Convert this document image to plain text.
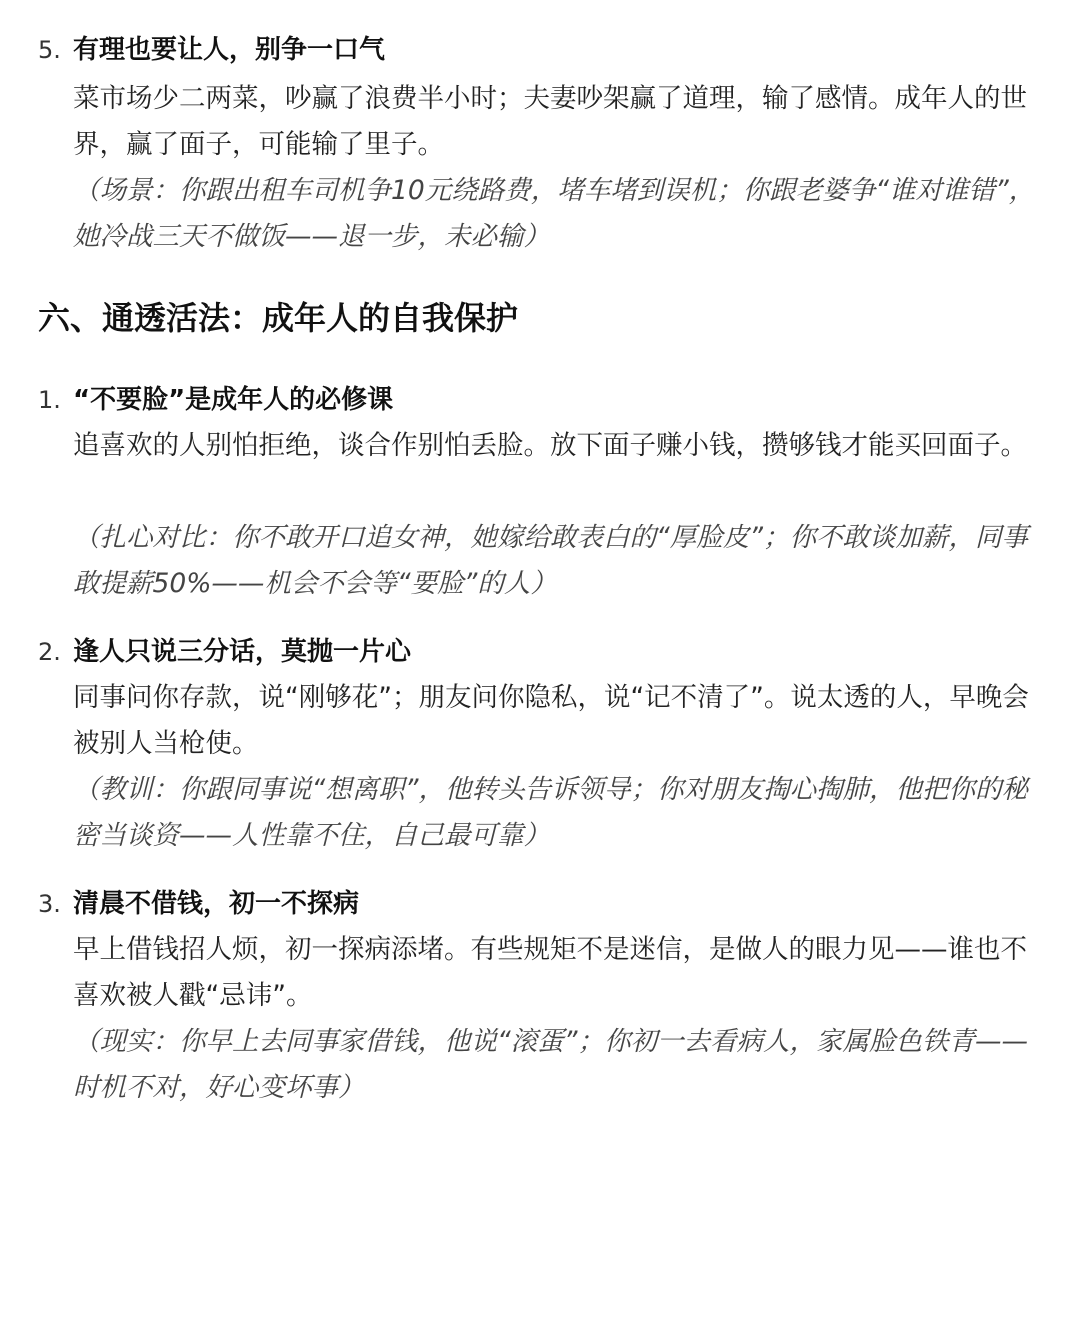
5. 有理也要让人，别争一口气
菜市场少二两菜，吵赢了浪费半小时；夫妻吵架赢了道理，输了感情。成年人的世界，赢了面子，可能输了里子。
（场景：你跟出租车司机争10元绕路费，堵车堵到误机；你跟老婆争“谁对谁错”，她冷战三天不做饭——退一步，未必输）
六、通透活法：成年人的自我保护
1. “不要脸”是成年人的必修课
追喜欢的人别怕拒绝，谈合作别怕丢脸。放下面子赚小钱，攒够钱才能买回面子。
（扎心对比：你不敢开口追女神，她嫁给敢表白的“厚脸皮”；你不敢谈加薪，同事敢提薪50%——机会不会等“要脸”的人）
2. 逢人只说三分话，莫抛一片心
同事问你存款，说“刚够花”；朋友问你隐私，说“记不清了”。说太透的人，早晚会被别人当枪使。
（教训：你跟同事说“想离职”，他转头告诉领导；你对朋友掏心掏肺，他把你的秘密当谈资——人性靠不住，自己最可靠）
3. 清晨不借钱，初一不探病
早上借钱招人烦，初一探病添堵。有些规矩不是迷信，是做人的眼力见——谁也不喜欢被人戳“忌讳”。
（现实：你早上去同事家借钱，他说“滚蛋”；你初一去看病人，家属脸色铁青——时机不对，好心变坏事）
